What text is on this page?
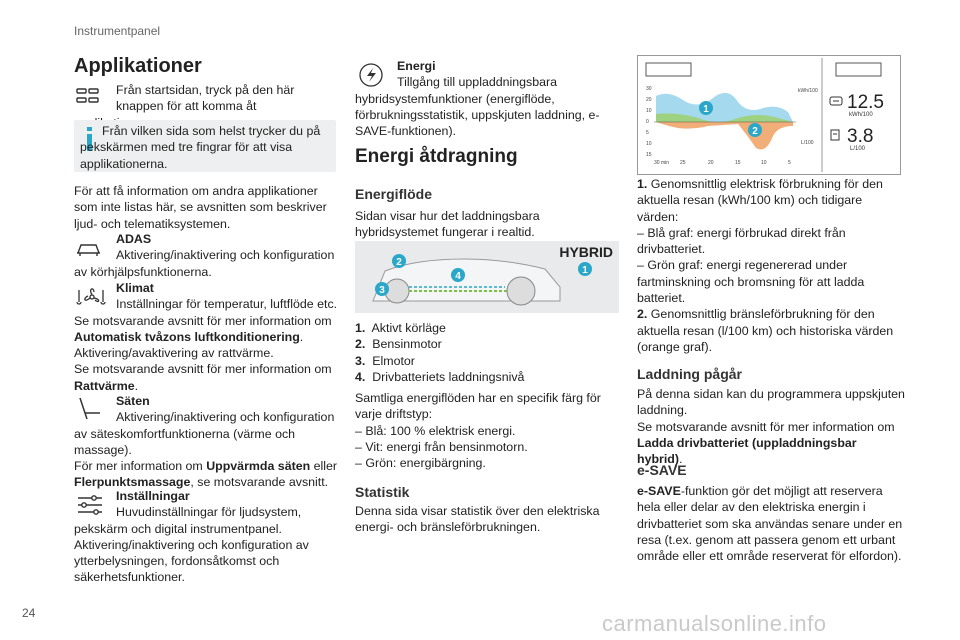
Instrumentpanel
24	carmanualsonline.info
Applikationer

Från startsidan, tryck på den här knappen för att komma åt

Från vilken sida som helst trycker du på pekskärmen med tre fingrar för att visa applikationerna.

För att få information om andra applikationer som inte listas här, se avsnitten som beskriver ljud- och telematiksystemen.

ADAS

Aktivering/inaktivering och konfiguration av körhjälpsfunktionerna.

Klimat

Inställningar för temperatur, luftflöde etc.

Se motsvarande avsnitt för mer information om Automatisk tvåzons luftkonditionering.

Aktivering/avaktivering av rattvärme.

Se motsvarande avsnitt för mer information om Rattvärme.

Säten

Aktivering/inaktivering och konfiguration av säteskomfortfunktionerna (värme och massage).

För mer information om Uppvärmda säten eller Flerpunktsmassage, se motsvarande avsnitt.

Inställningar

Huvudinställningar för ljudsystem, pekskärm och digital instrumentpanel.

Aktivering/inaktivering och konfiguration av ytterbelysningen, fordonsåtkomst och säkerhetsfunktioner.

Energi

Tillgång till uppladdningsbara hybridsystemfunktioner (energiflöde, förbrukningsstatistik, uppskjuten laddning, e-SAVE-funktionen).

Energi åtdragning
Energiflöde

Sidan visar hur det laddningsbara hybridsystemet fungerar i realtid.

HYBRID
2
4
3
1

1. Aktivt körläge

2. Bensinmotor

3. Elmotor

4. Drivbatteriets laddningsnivå

Samtliga energiflöden har en specifik färg för varje driftstyp:

– Blå: 100 % elektrisk energi.

– Vit: energi från bensinmotorn.

– Grön: energibärgning.

Statistik

Denna sida visar statistik över den elektriska energi- och bränsleförbrukningen.

30
20
10
0
5
10
15
30 min 25	20	15	10	5
kWh/100
L/100
1
2
12.5
kWh/100
3.8
L/100

1. Genomsnittlig elektrisk förbrukning för den aktuella resan (kWh/100 km) och tidigare värden:

– Blå graf: energi förbrukad direkt från drivbatteriet.

– Grön graf: energi regenererad under fartminskning och bromsning för att ladda batteriet.

2. Genomsnittlig bränsleförbrukning för den aktuella resan (l/100 km) och historiska värden (orange graf).

Laddning pågår

På denna sidan kan du programmera uppskjuten laddning.

Se motsvarande avsnitt för mer information om Ladda drivbatteriet (uppladdningsbar hybrid).

e-SAVE

e-SAVE-funktion gör det möjligt att reservera hela eller delar av den elektriska energin i drivbatteriet som ska användas senare under en resa (t.ex. genom att passera genom ett urbant område eller ett område reserverat för elfordon).
